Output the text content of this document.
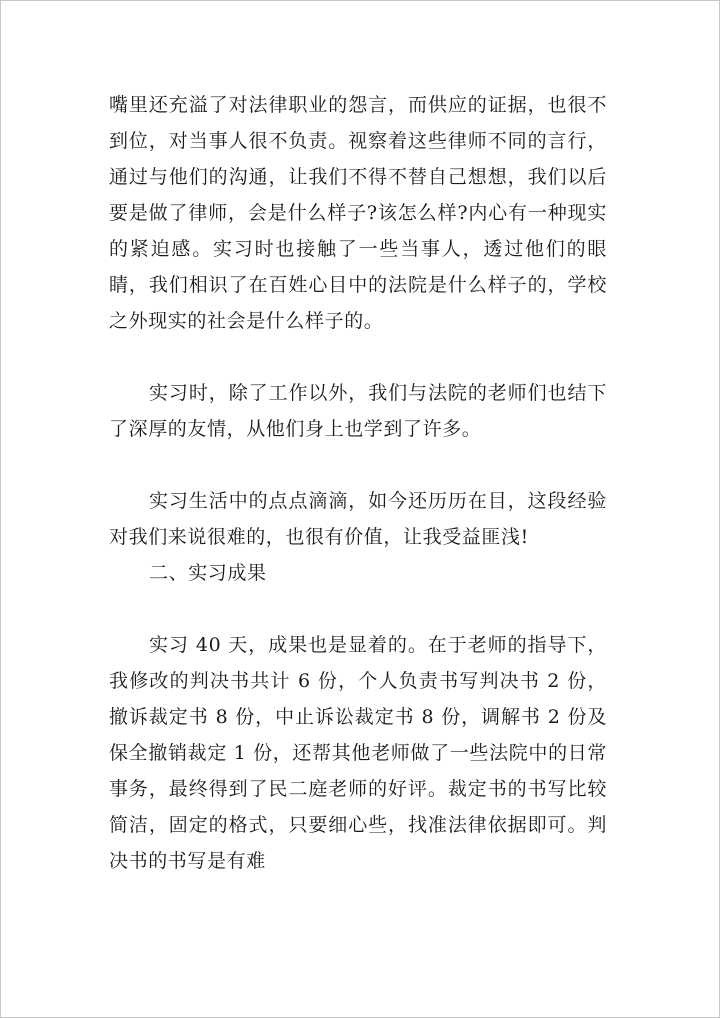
嘴里还充溢了对法律职业的怨言，而供应的证据，也很不到位，对当事人很不负责。视察着这些律师不同的言行，通过与他们的沟通，让我们不得不替自己想想，我们以后要是做了律师，会是什么样子?该怎么样?内心有一种现实的紧迫感。实习时也接触了一些当事人，透过他们的眼睛，我们相识了在百姓心目中的法院是什么样子的，学校之外现实的社会是什么样子的。

实习时，除了工作以外，我们与法院的老师们也结下了深厚的友情，从他们身上也学到了许多。

实习生活中的点点滴滴，如今还历历在目，这段经验对我们来说很难的，也很有价值，让我受益匪浅!

二、实习成果

实习 40 天，成果也是显着的。在于老师的指导下，我修改的判决书共计 6 份，个人负责书写判决书 2 份，撤诉裁定书 8 份，中止诉讼裁定书 8 份，调解书 2 份及保全撤销裁定 1 份，还帮其他老师做了一些法院中的日常事务，最终得到了民二庭老师的好评。裁定书的书写比较简洁，固定的格式，只要细心些，找准法律依据即可。判决书的书写是有难
